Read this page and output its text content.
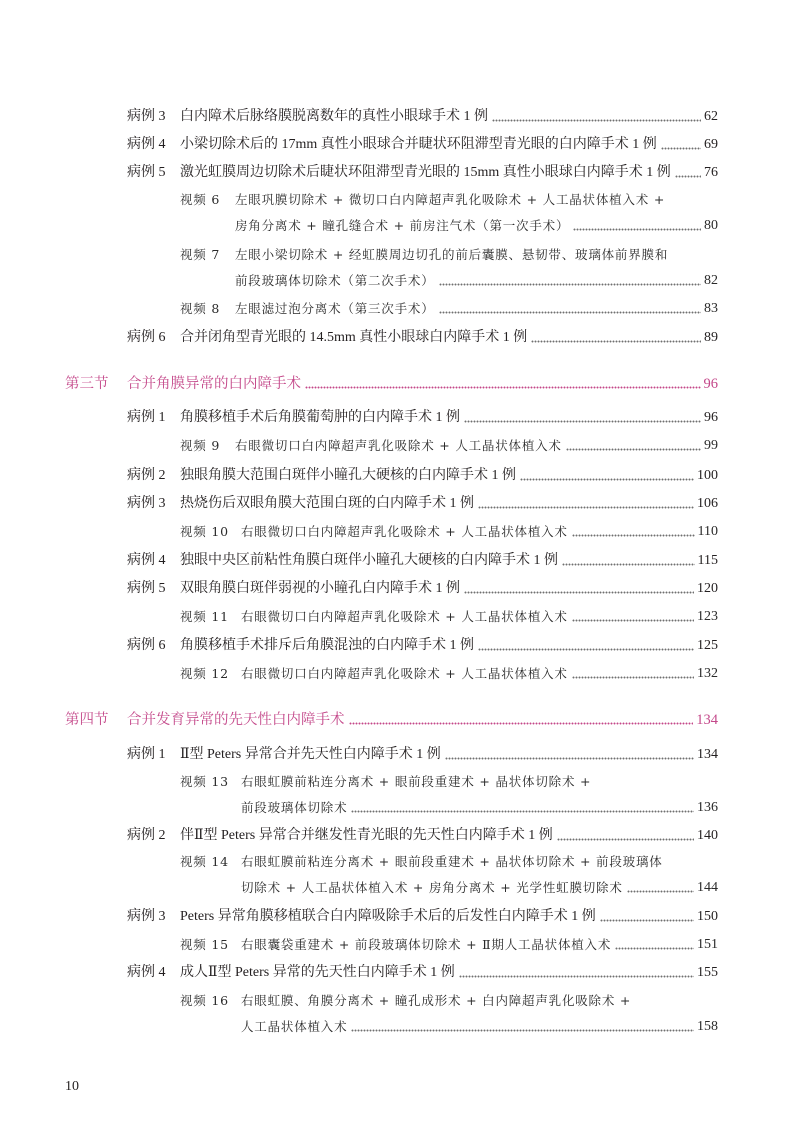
病例 3	白内障术后脉络膜脱离数年的真性小眼球手术 1 例	62
病例 4	小梁切除术后的 17mm 真性小眼球合并睫状环阻滞型青光眼的白内障手术 1 例	69
病例 5	激光虹膜周边切除术后睫状环阻滞型青光眼的 15mm 真性小眼球白内障手术 1 例 76
视频 6	左眼巩膜切除术 + 微切口白内障超声乳化吸除术 + 人工晶状体植入术 +
房角分离术 + 瞳孔缝合术 + 前房注气术（第一次手术）	80
视频 7	左眼小梁切除术 + 经虹膜周边切孔的前后囊膜、悬韧带、玻璃体前界膜和
前段玻璃体切除术（第二次手术）	82
视频 8	左眼滤过泡分离术（第三次手术）	83
病例 6	合并闭角型青光眼的 14.5mm 真性小眼球白内障手术 1 例	89
第三节	合并角膜异常的白内障手术	96
病例 1	角膜移植手术后角膜葡萄肿的白内障手术 1 例	96
视频 9	右眼微切口白内障超声乳化吸除术 + 人工晶状体植入术	99
病例 2	独眼角膜大范围白斑伴小瞳孔大硬核的白内障手术 1 例	100
病例 3	热烧伤后双眼角膜大范围白斑的白内障手术 1 例	106
视频 10 右眼微切口白内障超声乳化吸除术 + 人工晶状体植入术	110
病例 4	独眼中央区前粘性角膜白斑伴小瞳孔大硬核的白内障手术 1 例	115
病例 5	双眼角膜白斑伴弱视的小瞳孔白内障手术 1 例	120
视频 11 右眼微切口白内障超声乳化吸除术 + 人工晶状体植入术	123
病例 6	角膜移植手术排斥后角膜混浊的白内障手术 1 例	125
视频 12 右眼微切口白内障超声乳化吸除术 + 人工晶状体植入术	132
第四节	合并发育异常的先天性白内障手术	134
病例 1	Ⅱ型 Peters 异常合并先天性白内障手术 1 例	134
视频 13 右眼虹膜前粘连分离术 + 眼前段重建术 + 晶状体切除术 +
前段玻璃体切除术	136
病例 2	伴Ⅱ型 Peters 异常合并继发性青光眼的先天性白内障手术 1 例	140
视频 14 右眼虹膜前粘连分离术 + 眼前段重建术 + 晶状体切除术 + 前段玻璃体
切除术 + 人工晶状体植入术 + 房角分离术 + 光学性虹膜切除术	144
病例 3	Peters 异常角膜移植联合白内障吸除手术后的后发性白内障手术 1 例	150
视频 15 右眼囊袋重建术 + 前段玻璃体切除术 + Ⅱ期人工晶状体植入术	151
病例 4	成人Ⅱ型 Peters 异常的先天性白内障手术 1 例	155
视频 16 右眼虹膜、角膜分离术 + 瞳孔成形术 + 白内障超声乳化吸除术 +
人工晶状体植入术	158
10
